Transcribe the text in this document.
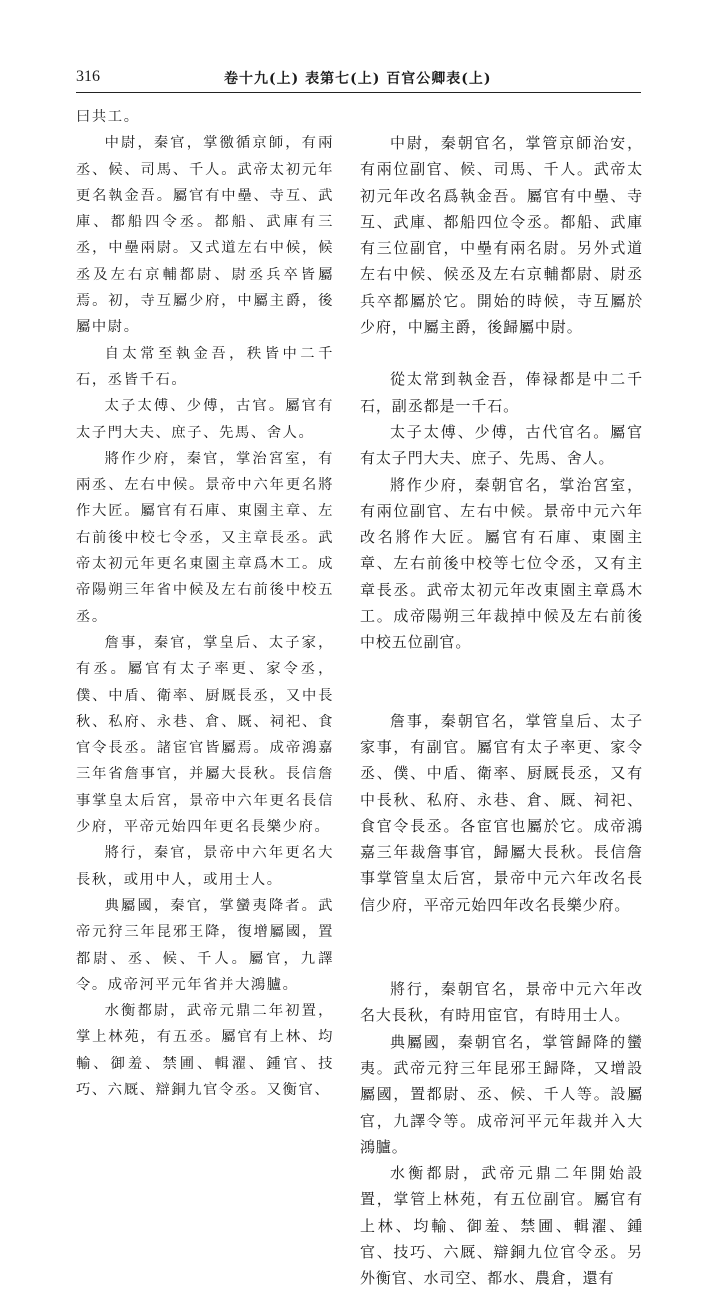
316	卷十九(上) 表第七(上) 百官公卿表(上)

曰共工。

中尉，秦官，掌徼循京師，有兩丞、候、司馬、千人。武帝太初元年更名執金吾。屬官有中壘、寺互、武庫、都船四令丞。都船、武庫有三丞，中壘兩尉。又式道左右中候，候丞及左右京輔都尉、尉丞兵卒皆屬焉。初，寺互屬少府，中屬主爵，後屬中尉。

自太常至執金吾，秩皆中二千石，丞皆千石。

太子太傅、少傅，古官。屬官有太子門大夫、庶子、先馬、舍人。

將作少府，秦官，掌治宮室，有兩丞、左右中候。景帝中六年更名將作大匠。屬官有石庫、東園主章、左右前後中校七令丞，又主章長丞。武帝太初元年更名東園主章爲木工。成帝陽朔三年省中候及左右前後中校五丞。

詹事，秦官，掌皇后、太子家，有丞。屬官有太子率更、家令丞，僕、中盾、衛率、厨厩長丞，又中長秋、私府、永巷、倉、厩、祠祀、食官令長丞。諸宦官皆屬焉。成帝鴻嘉三年省詹事官，并屬大長秋。長信詹事掌皇太后宮，景帝中六年更名長信少府，平帝元始四年更名長樂少府。

將行，秦官，景帝中六年更名大長秋，或用中人，或用士人。

典屬國，秦官，掌蠻夷降者。武帝元狩三年昆邪王降，復增屬國，置都尉、丞、候、千人。屬官，九譯令。成帝河平元年省并大鴻臚。

水衡都尉，武帝元鼎二年初置，掌上林苑，有五丞。屬官有上林、均輸、御羞、禁圃、輯濯、鍾官、技巧、六厩、辯銅九官令丞。又衡官、

中尉，秦朝官名，掌管京師治安，有兩位副官、候、司馬、千人。武帝太初元年改名爲執金吾。屬官有中壘、寺互、武庫、都船四位令丞。都船、武庫有三位副官，中壘有兩名尉。另外式道左右中候、候丞及左右京輔都尉、尉丞兵卒都屬於它。開始的時候，寺互屬於少府，中屬主爵，後歸屬中尉。

從太常到執金吾，俸禄都是中二千石，副丞都是一千石。

太子太傅、少傅，古代官名。屬官有太子門大夫、庶子、先馬、舍人。

將作少府，秦朝官名，掌治宮室，有兩位副官、左右中候。景帝中元六年改名將作大匠。屬官有石庫、東園主章、左右前後中校等七位令丞，又有主章長丞。武帝太初元年改東園主章爲木工。成帝陽朔三年裁掉中候及左右前後中校五位副官。

詹事，秦朝官名，掌管皇后、太子家事，有副官。屬官有太子率更、家令丞、僕、中盾、衛率、厨厩長丞，又有中長秋、私府、永巷、倉、厩、祠祀、食官令長丞。各宦官也屬於它。成帝鴻嘉三年裁詹事官，歸屬大長秋。長信詹事掌管皇太后宮，景帝中元六年改名長信少府，平帝元始四年改名長樂少府。

將行，秦朝官名，景帝中元六年改名大長秋，有時用宦官，有時用士人。

典屬國，秦朝官名，掌管歸降的蠻夷。武帝元狩三年昆邪王歸降，又增設屬國，置都尉、丞、候、千人等。設屬官，九譯令等。成帝河平元年裁并入大鴻臚。

水衡都尉，武帝元鼎二年開始設置，掌管上林苑，有五位副官。屬官有上林、均輸、御羞、禁圃、輯濯、鍾官、技巧、六厩、辯銅九位官令丞。另外衡官、水司空、都水、農倉，還有
